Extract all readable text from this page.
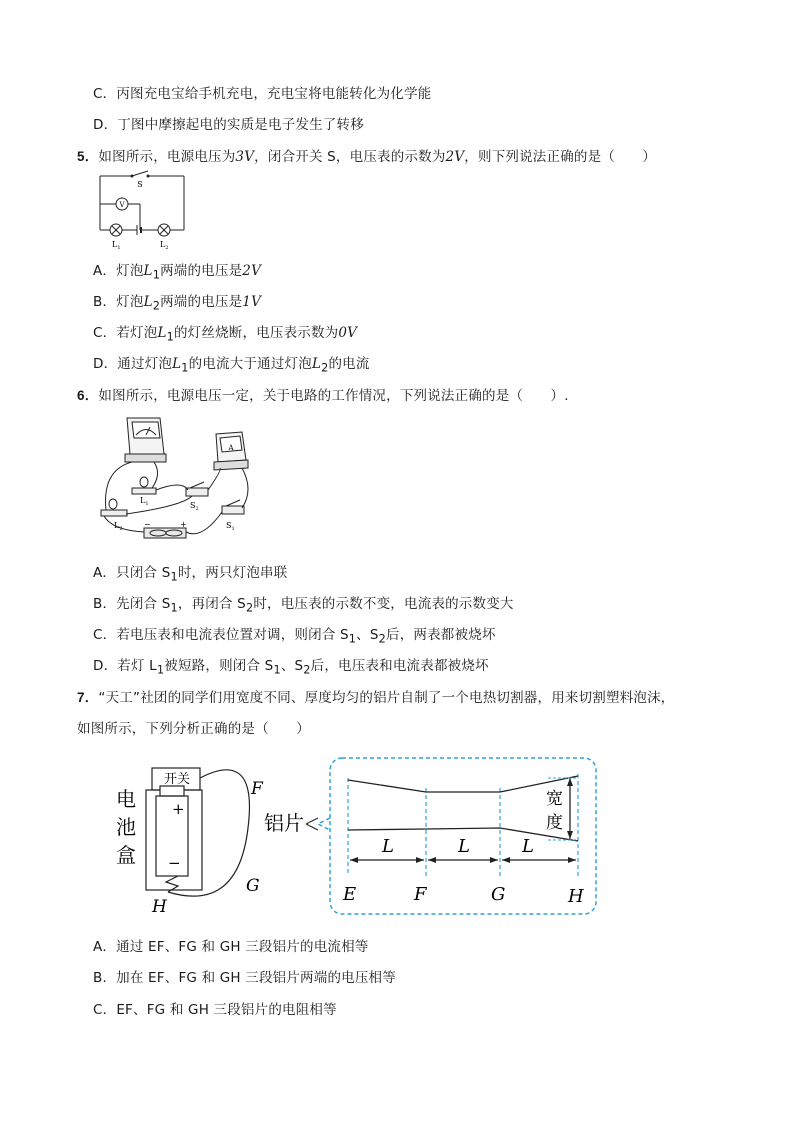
C．丙图充电宝给手机充电，充电宝将电能转化为化学能
D．丁图中摩擦起电的实质是电子发生了转移
5．如图所示，电源电压为3V，闭合开关 S，电压表的示数为2V，则下列说法正确的是（　　）
S
V
$L_1$	$L_2$
A．灯泡$L_1$两端的电压是2V
B．灯泡$L_2$两端的电压是1V
C．若灯泡$L_1$的灯丝烧断，电压表示数为0V
D．通过灯泡$L_1$的电流大于通过灯泡$L_2$的电流
6．如图所示，电源电压一定，关于电路的工作情况，下列说法正确的是（　　）.
A
$L_1$
$L_2$
$S_2$
$S_1$
−	+
A．只闭合 $S_1$时，两只灯泡串联
B．先闭合 $S_1$，再闭合 $S_2$时，电压表的示数不变，电流表的示数变大
C．若电压表和电流表位置对调，则闭合 $S_1$、$S_2$后，两表都被烧坏
D．若灯 $L_1$被短路，则闭合 $S_1$、$S_2$后，电压表和电流表都被烧坏
7．“天工”社团的同学们用宽度不同、厚度均匀的铝片自制了一个电热切割器，用来切割塑料泡沫，
如图所示，下列分析正确的是（　　）
开关
+
−
电
池
盒
F
G
H
铝片
宽
度
L	L	L
E	F	G	H
A．通过 EF、FG 和 GH 三段铝片的电流相等
B．加在 EF、FG 和 GH 三段铝片两端的电压相等
C．EF、FG 和 GH 三段铝片的电阻相等
